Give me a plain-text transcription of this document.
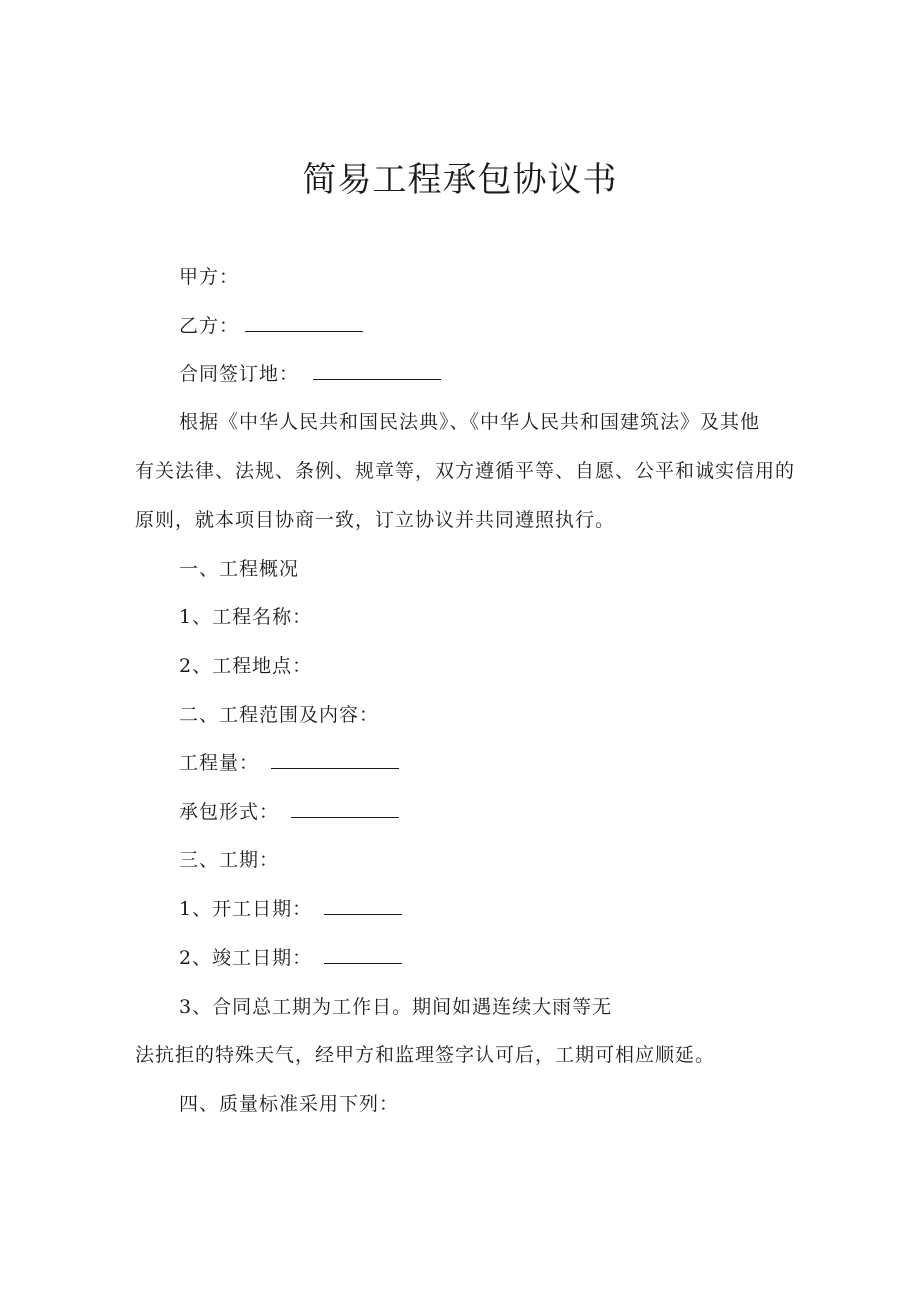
简易工程承包协议书
甲方：
乙方：
合同签订地：
根据《中华人民共和国民法典》、《中华人民共和国建筑法》及其他
有关法律、法规、条例、规章等，双方遵循平等、自愿、公平和诚实信用的
原则，就本项目协商一致，订立协议并共同遵照执行。
一、工程概况
1、工程名称：
2、工程地点：
二、工程范围及内容：
工程量：
承包形式：
三、工期：
1、开工日期：
2、竣工日期：
3、合同总工期为工作日。期间如遇连续大雨等无
法抗拒的特殊天气，经甲方和监理签字认可后，工期可相应顺延。
四、质量标准采用下列：
